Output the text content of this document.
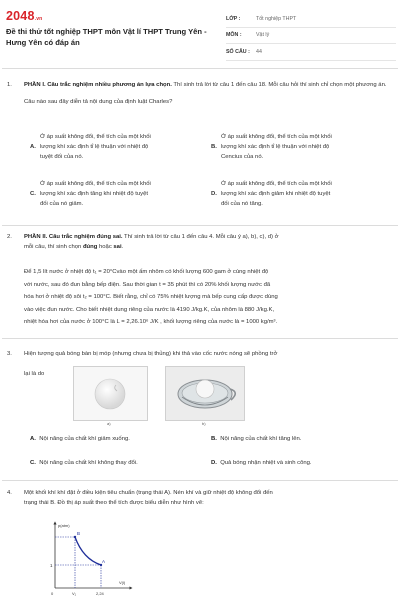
2048.vn
Đề thi thử tốt nghiệp THPT môn Vật lí THPT Trung Yên - Hưng Yên có đáp án
LỚP :	Tốt nghiệp THPT
MÔN :	Vật lý
SỐ CÂU :	44
1.	PHẦN I. Câu trắc nghiệm nhiều phương án lựa chọn. Thí sinh trả lời từ câu 1 đến câu 18. Mỗi câu hỏi thí sinh chỉ chọn một phương án.
Câu nào sau đây diễn tả nội dung của định luật Charles?
A.
Ở áp suất không đổi, thể tích của một khối
lượng khí xác định tỉ lệ thuận với nhiệt độ
tuyệt đối của nó.
B.
Ở áp suất không đổi, thể tích của một khối
lượng khí xác định tỉ lệ thuận với nhiệt độ
Cencius của nó.
C.
Ở áp suất không đổi, thể tích của một khối
lượng khí xác định tăng khi nhiệt độ tuyệt
đối của nó giảm.
D.
Ở áp suất không đổi, thể tích của một khối
lượng khí xác định giảm khi nhiệt độ tuyệt
đối của nó tăng.
2.	PHẦN II. Câu trắc nghiệm đúng sai. Thí sinh trả lời từ câu 1 đến câu 4. Mỗi câu ý a), b), c), d) ở
mỗi câu, thí sinh chọn đúng hoặc sai.
Để 1,5 lít nước ở nhiệt độ t₁ = 20°Cvào một ấm nhôm có khối lượng 600 gam ở cùng nhiệt độ
với nước, sau đó đun bằng bếp điện. Sau thời gian t = 35 phút thì có 20% khối lượng nước đã
hóa hơi ở nhiệt độ sôi t₂ = 100°C. Biết rằng, chỉ có 75% nhiệt lượng mà bếp cung cấp được dùng
vào việc đun nước. Cho biết nhiệt dung riêng của nước là 4190 J/kg.K, của nhôm là 880 J/kg.K,
nhiệt hóa hơi của nước ở 100°C là L = 2,26.10⁶ J/K , khối lượng riêng của nước là = 1000 kg/m³.
3.	Hiện tượng quả bóng bàn bị móp (nhưng chưa bị thủng) khi thả vào cốc nước nóng sẽ phồng trở
lại là do
a)	b)
A. Nội năng của chất khí giảm xuống.	B. Nội năng của chất khí tăng lên.
C. Nội năng của chất khí không thay đổi.	D. Quả bóng nhận nhiệt và sinh công.
4.	Một khối khí khí đặt ở điều kiện tiêu chuẩn (trạng thái A). Nén khí và giữ nhiệt độ không đổi đến
trạng thái B. Đồ thị áp suất theo thể tích được biểu diễn như hình vẽ:
p(atm)
V(l)
1
0	V₁	2,24
B
A
